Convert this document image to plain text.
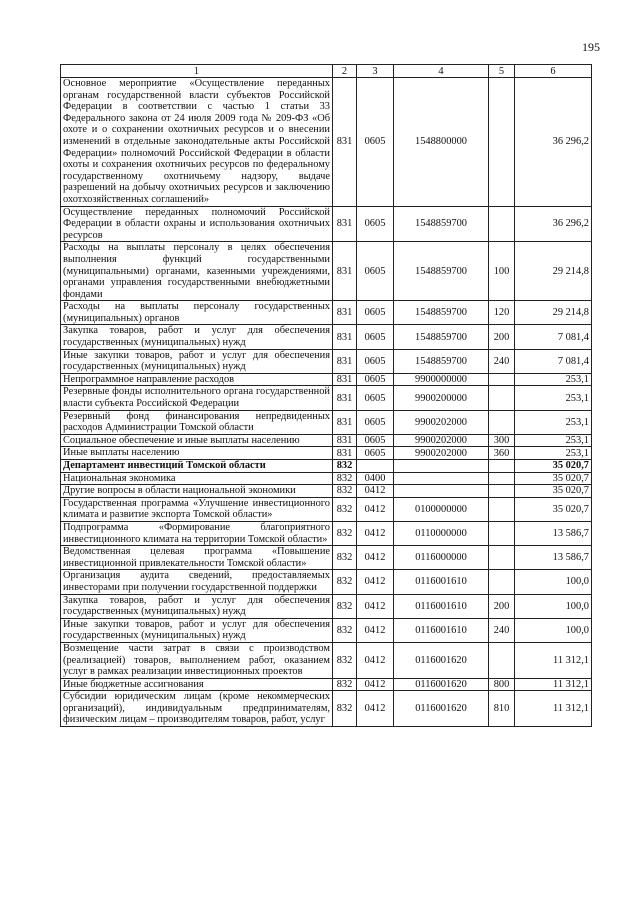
195
1	2	3	4	5	6
Основное мероприятие «Осуществление переданных органам государственной власти субъектов Российской Федерации в соответствии с частью 1 статьи 33 Федерального закона от 24 июля 2009 года № 209-ФЗ «Об охоте и о сохранении охотничьих ресурсов и о внесении изменений в отдельные законодательные акты Российской Федерации» полномочий Российской Федерации в области охоты и сохранения охотничьих ресурсов по федеральному государственному охотничьему надзору, выдаче разрешений на добычу охотничьих ресурсов и заключению охотхозяйственных соглашений»	831	0605	1548800000		36 296,2
Осуществление переданных полномочий Российской Федерации в области охраны и использования охотничьих ресурсов	831	0605	1548859700		36 296,2
Расходы на выплаты персоналу в целях обеспечения выполнения функций государственными (муниципальными) органами, казенными учреждениями, органами управления государственными внебюджетными фондами	831	0605	1548859700	100	29 214,8
Расходы на выплаты персоналу государственных (муниципальных) органов	831	0605	1548859700	120	29 214,8
Закупка товаров, работ и услуг для обеспечения государственных (муниципальных) нужд	831	0605	1548859700	200	7 081,4
Иные закупки товаров, работ и услуг для обеспечения государственных (муниципальных) нужд	831	0605	1548859700	240	7 081,4
Непрограммное направление расходов	831	0605	9900000000		253,1
Резервные фонды исполнительного органа государственной власти субъекта Российской Федерации	831	0605	9900200000		253,1
Резервный фонд финансирования непредвиденных расходов Администрации Томской области	831	0605	9900202000		253,1
Социальное обеспечение и иные выплаты населению	831	0605	9900202000	300	253,1
Иные выплаты населению	831	0605	9900202000	360	253,1
Департамент инвестиций Томской области	832				35 020,7
Национальная экономика	832	0400			35 020,7
Другие вопросы в области национальной экономики	832	0412			35 020,7
Государственная программа «Улучшение инвестиционного климата и развитие экспорта Томской области»	832	0412	0100000000		35 020,7
Подпрограмма «Формирование благоприятного инвестиционного климата на территории Томской области»	832	0412	0110000000		13 586,7
Ведомственная целевая программа «Повышение инвестиционной привлекательности Томской области»	832	0412	0116000000		13 586,7
Организация аудита сведений, предоставляемых инвесторами при получении государственной поддержки	832	0412	0116001610		100,0
Закупка товаров, работ и услуг для обеспечения государственных (муниципальных) нужд	832	0412	0116001610	200	100,0
Иные закупки товаров, работ и услуг для обеспечения государственных (муниципальных) нужд	832	0412	0116001610	240	100,0
Возмещение части затрат в связи с производством (реализацией) товаров, выполнением работ, оказанием услуг в рамках реализации инвестиционных проектов	832	0412	0116001620		11 312,1
Иные бюджетные ассигнования	832	0412	0116001620	800	11 312,1
Субсидии юридическим лицам (кроме некоммерческих организаций), индивидуальным предпринимателям, физическим лицам – производителям товаров, работ, услуг	832	0412	0116001620	810	11 312,1
